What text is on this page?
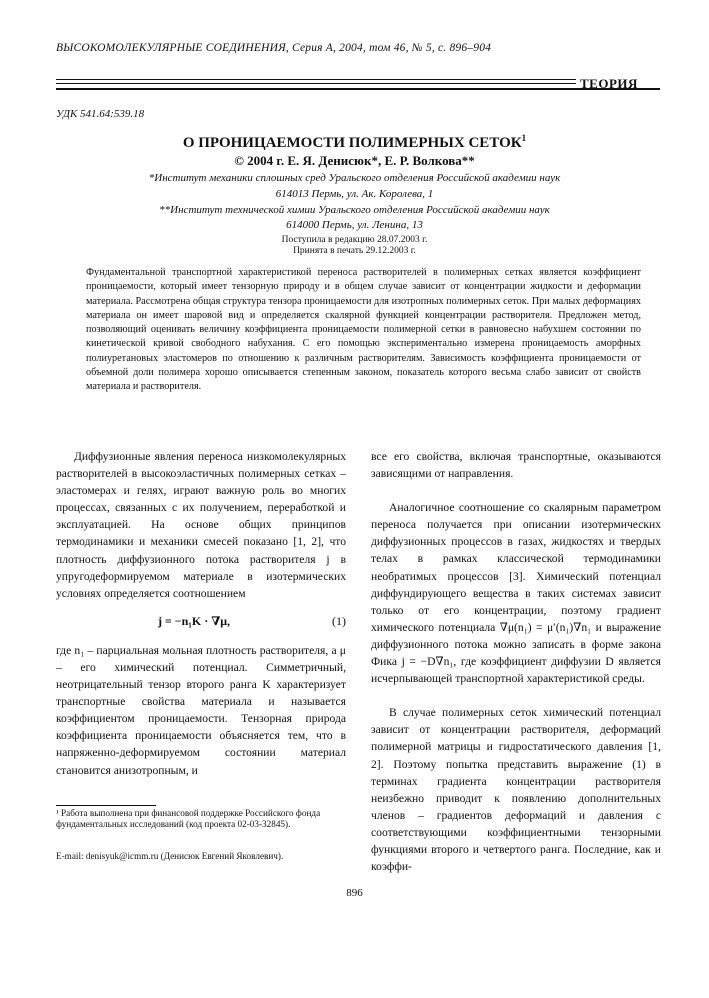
ВЫСОКОМОЛЕКУЛЯРНЫЕ СОЕДИНЕНИЯ, Серия А, 2004, том 46, № 5, с. 896–904
ТЕОРИЯ
УДК 541.64:539.18
О ПРОНИЦАЕМОСТИ ПОЛИМЕРНЫХ СЕТОК$^1$
© 2004 г. Е. Я. Денисюк*, Е. Р. Волкова**
*Институт механики сплошных сред Уральского отделения Российской академии наук
614013 Пермь, ул. Ак. Королева, 1
**Институт технической химии Уральского отделения Российской академии наук
614000 Пермь, ул. Ленина, 13
Поступила в редакцию 28.07.2003 г.
Принята в печать 29.12.2003 г.
Фундаментальной транспортной характеристикой переноса растворителей в полимерных сетках является коэффициент проницаемости, который имеет тензорную природу и в общем случае зависит от концентрации жидкости и деформации материала. Рассмотрена общая структура тензора проницаемости для изотропных полимерных сеток. При малых деформациях материала он имеет шаровой вид и определяется скалярной функцией концентрации растворителя. Предложен метод, позволяющий оценивать величину коэффициента проницаемости полимерной сетки в равновесно набухшем состоянии по кинетической кривой свободного набухания. С его помощью экспериментально измерена проницаемость аморфных полиуретановых эластомеров по отношению к различным растворителям. Зависимость коэффициента проницаемости от объемной доли полимера хорошо описывается степенным законом, показатель которого весьма слабо зависит от свойств материала и растворителя.

Диффузионные явления переноса низкомолекулярных растворителей в высокоэластичных полимерных сетках – эластомерах и гелях, играют важную роль во многих процессах, связанных с их получением, переработкой и эксплуатацией. На основе общих принципов термодинамики и механики смесей показано [1, 2], что плотность диффузионного потока растворителя j в упругодеформируемом материале в изотермических условиях определяется соотношением

j = −n₁K · ∇μ,	(1)

где n₁ – парциальная мольная плотность растворителя, а μ – его химический потенциал. Симметричный, неотрицательный тензор второго ранга K характеризует транспортные свойства материала и называется коэффициентом проницаемости. Тензорная природа коэффициента проницаемости объясняется тем, что в напряженно-деформируемом состоянии материал становится анизотропным, и

¹ Работа выполнена при финансовой поддержке Российского фонда фундаментальных исследований (код проекта 02-03-32845).
E-mail: denisyuk@icmm.ru (Денисюк Евгений Яковлевич).

все его свойства, включая транспортные, оказываются зависящими от направления.

Аналогичное соотношение со скалярным параметром переноса получается при описании изотермических диффузионных процессов в газах, жидкостях и твердых телах в рамках классической термодинамики необратимых процессов [3]. Химический потенциал диффундирующего вещества в таких системах зависит только от его концентрации, поэтому градиент химического потенциала ∇μ(n₁) = μ′(n₁)∇n₁ и выражение диффузионного потока можно записать в форме закона Фика j = −D∇n₁, где коэффициент диффузии D является исчерпывающей транспортной характеристикой среды.

В случае полимерных сеток химический потенциал зависит от концентрации растворителя, деформаций полимерной матрицы и гидростатического давления [1, 2]. Поэтому попытка представить выражение (1) в терминах градиента концентрации растворителя неизбежно приводит к появлению дополнительных членов – градиентов деформаций и давления с соответствующими коэффициентными тензорными функциями второго и четвертого ранга. Последние, как и коэффи-

896
